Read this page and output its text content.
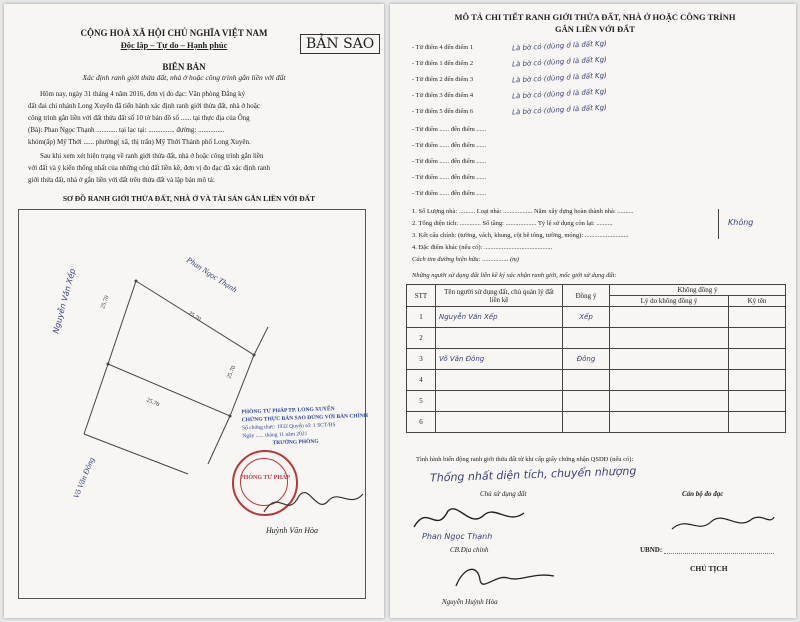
CỘNG HOÀ XÃ HỘI CHỦ NGHĨA VIỆT NAM
Độc lập – Tự do – Hạnh phúc	BẢN SAO
BIÊN BẢN
Xác định ranh giới thửa đất, nhà ở hoặc công trình gắn liền với đất
Hôm nay, ngày 31 tháng 4 năm 2016, đơn vị đo đạc: Văn phòng Đăng ký
đất đai chi nhánh Long Xuyên đã tiến hành xác định ranh giới thửa đất, nhà ở hoặc
công trình gắn liền với đất thửa đất số 10 tờ bản đồ số ...... tại thực địa của Ông
(Bà): Phan Ngọc Thạnh ............ tại lạc tại: ............... đường: ...............
khóm(ấp) Mỹ Thới ...... phường( xã, thị trấn) Mỹ Thới Thành phố Long Xuyên.
Sau khi xem xét hiện trạng về ranh giới thửa đất, nhà ở hoặc công trình gắn liền
với đất và ý kiến thống nhất của những chủ đất liền kề, đơn vị đo đạc đã xác định ranh
giới thửa đất, nhà ở gắn liền với đất trên thửa đất và lập bản mô tả:
SƠ ĐỒ RANH GIỚI THỬA ĐẤT, NHÀ Ở VÀ TÀI SẢN GẮN LIỀN VỚI ĐẤT
25.70
25.70
25.70
25.70
Nguyễn Văn Xếp	Phan Ngọc Thạnh
Võ Văn Đông
PHÒNG TƯ PHÁP TP. LONG XUYÊN
CHỨNG THỰC BẢN SAO ĐÚNG VỚI BẢN CHÍNH
Số chứng thực: 1932 Quyển số: 1 SCT/BS
Ngày ...... tháng 11 năm 2021
TRƯỞNG PHÒNG
PHÒNG TƯ PHÁP
Huỳnh Văn Hòa
MÔ TẢ CHI TIẾT RANH GIỚI THỬA ĐẤT, NHÀ Ở HOẶC CÔNG TRÌNH
GẮN LIỀN VỚI ĐẤT
- Từ điểm 4 đến điểm 1	Là bờ cỏ (dùng ở là đất Kg)
- Từ điểm 1 đến điểm 2	Là bờ cỏ (dùng ở là đất Kg)
- Từ điểm 2 đến điểm 3	Là bờ cỏ (dùng ở là đất Kg)
- Từ điểm 3 đến điểm 4	Là bờ cỏ (dùng ở là đất Kg)
- Từ điểm 5 đến điểm 6	Là bờ cỏ (dùng ở là đất Kg)
- Từ điểm ...... đến điểm ......
- Từ điểm ...... đến điểm ......
- Từ điểm ...... đến điểm ......
- Từ điểm ...... đến điểm ......
- Từ điểm ...... đến điểm ......
1. Số Lượng nhà: .......... Loại nhà: .................. Năm xây dựng hoàn thành nhà: ..........
2. Tổng diện tích: ............. Số tầng: ................... Tỷ lệ sử dụng còn lại: ..........
3. Kết cấu chính: (tường, vách, khung, cột bê tông, tường, móng): ...........................
4. Đặc điểm khác (nếu có): ..........................................
Cách tim đường hiện hữu: ................ (m)
Không
Những người sử dụng đất liền kề ký xác nhận ranh giới, mốc giới sử dụng đất:
STT	Tên người sử dụng đất, chủ quản lý đất liền kề	Đồng ý	Không đồng ý	
			Lý do không đồng ý	Ký tên
1	Nguyễn Văn Xếp	Xếp		
2				
3	Võ Văn Đông	Đông		
4				
5				
6				
Tình hình biến động ranh giới thửa đất từ khi cấp giấy chứng nhận QSDĐ (nếu có):
Thống nhất diện tích, chuyển nhượng
Chủ sử dụng đất	Cán bộ đo đạc
Phan Ngọc Thạnh
CB.Địa chính	UBND:
CHỦ TỊCH
Nguyễn Huỳnh Hòa
